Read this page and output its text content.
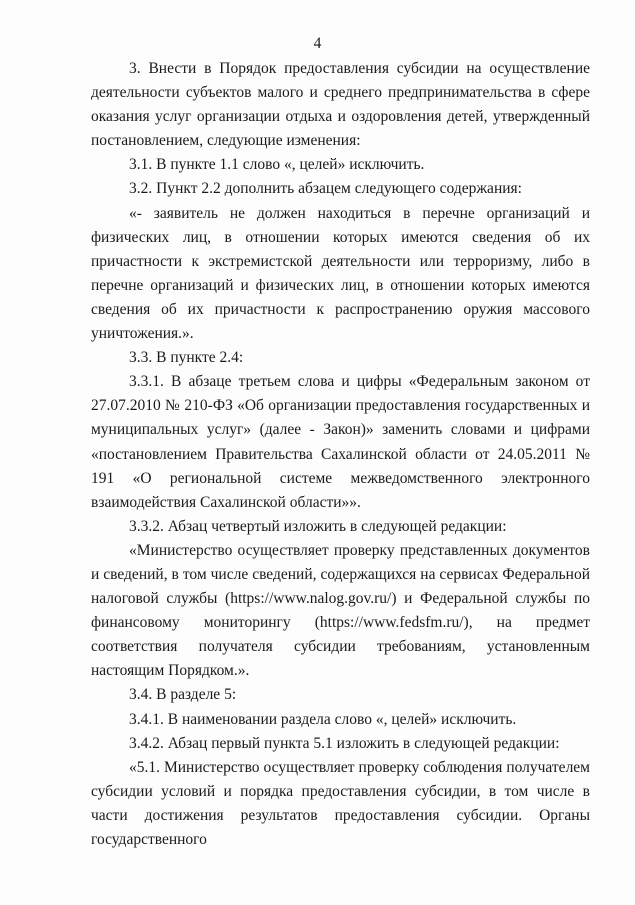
4

3. Внести в Порядок предоставления субсидии на осуществление деятельности субъектов малого и среднего предпринимательства в сфере оказания услуг организации отдыха и оздоровления детей, утвержденный постановлением, следующие изменения:

3.1. В пункте 1.1 слово «, целей» исключить.

3.2. Пункт 2.2 дополнить абзацем следующего содержания:

«- заявитель не должен находиться в перечне организаций и физических лиц, в отношении которых имеются сведения об их причастности к экстремистской деятельности или терроризму, либо в перечне организаций и физических лиц, в отношении которых имеются сведения об их причастности к распространению оружия массового уничтожения.».

3.3. В пункте 2.4:

3.3.1. В абзаце третьем слова и цифры «Федеральным законом от 27.07.2010 № 210-ФЗ «Об организации предоставления государственных и муниципальных услуг» (далее - Закон)» заменить словами и цифрами «постановлением Правительства Сахалинской области от 24.05.2011 № 191 «О региональной системе межведомственного электронного взаимодействия Сахалинской области»».

3.3.2. Абзац четвертый изложить в следующей редакции:

«Министерство осуществляет проверку представленных документов и сведений, в том числе сведений, содержащихся на сервисах Федеральной налоговой службы (https://www.nalog.gov.ru/) и Федеральной службы по финансовому мониторингу (https://www.fedsfm.ru/), на предмет соответствия получателя субсидии требованиям, установленным настоящим Порядком.».

3.4. В разделе 5:

3.4.1. В наименовании раздела слово «, целей» исключить.

3.4.2. Абзац первый пункта 5.1 изложить в следующей редакции:

«5.1. Министерство осуществляет проверку соблюдения получателем субсидии условий и порядка предоставления субсидии, в том числе в части достижения результатов предоставления субсидии. Органы государственного
